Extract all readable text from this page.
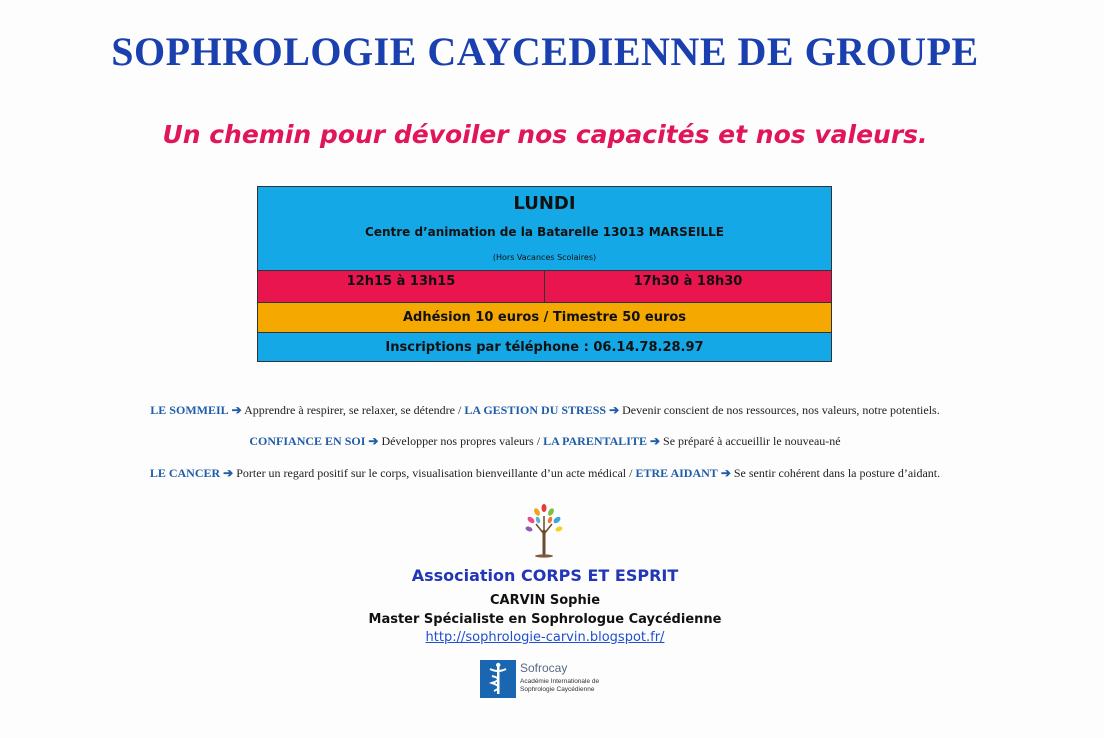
SOPHROLOGIE CAYCEDIENNE DE GROUPE
Un chemin pour dévoiler nos capacités et nos valeurs.
LUNDI
Centre d’animation de la Batarelle 13013 MARSEILLE
(Hors Vacances Scolaires)

12h15 à 13h15	17h30 à 18h30
Adhésion 10 euros / Timestre 50 euros
Inscriptions par téléphone : 06.14.78.28.97
LE SOMMEIL ➔ Apprendre à respirer, se relaxer, se détendre / LA GESTION DU STRESS ➔ Devenir conscient de nos ressources, nos valeurs, notre potentiels.
CONFIANCE EN SOI ➔ Développer nos propres valeurs / LA PARENTALITE ➔ Se préparé à accueillir le nouveau-né
LE CANCER ➔ Porter un regard positif sur le corps, visualisation bienveillante d’un acte médical / ETRE AIDANT ➔ Se sentir cohérent dans la posture d’aidant.
Association CORPS ET ESPRIT
CARVIN Sophie
Master Spécialiste en Sophrologue Caycédienne
http://sophrologie-carvin.blogspot.fr/
Sofrocay
Académie Internationale de Sophrologie Caycédienne
